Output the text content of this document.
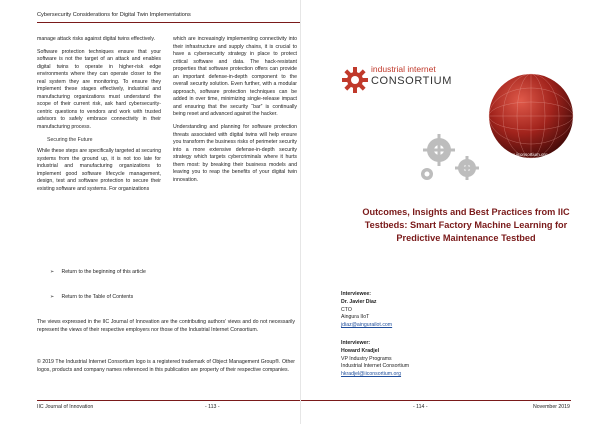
Cybersecurity Considerations for Digital Twin Implementations

manage attack risks against digital twins effectively.

Software protection techniques ensure that your software is not the target of an attack and enables digital twins to operate in higher-risk edge environments where they can operate closer to the real system they are monitoring. To ensure they implement these stages effectively, industrial and manufacturing organizations must understand the scope of their current risk, ask hard cybersecurity-centric questions to vendors and work with trusted advisors to safely embrace connectivity in their manufacturing process.

Securing the Future

While these steps are specifically targeted at securing systems from the ground up, it is not too late for industrial and manufacturing organizations to implement good software lifecycle management, design, test and software protection to secure their existing software and systems. For organizations

which are increasingly implementing connectivity into their infrastructure and supply chains, it is crucial to have a cybersecurity strategy in place to protect critical software and data. The hack-resistant properties that software protection offers can provide an important defense-in-depth component to the overall security solution. Even further, with a modular approach, software protection techniques can be added in over time, minimizing single-release impact and ensuring that the security “bar” is continually being reset and advanced against the hacker.

Understanding and planning for software protection threats associated with digital twins will help ensure you transform the business risks of perimeter security into a more extensive defense-in-depth security strategy which targets cybercriminals where it hurts them most: by breaking their business models and leaving you to reap the benefits of your digital twin innovation.

➢ Return to the beginning of this article
➢ Return to the Table of Contents
The views expressed in the IIC Journal of Innovation are the contributing authors’ views and do not necessarily represent the views of their respective employers nor those of the Industrial Internet Consortium.
© 2019 The Industrial Internet Consortium logo is a registered trademark of Object Management Group®. Other logos, products and company names referenced in this publication are property of their respective companies.
IIC Journal of Innovation	- 113 -
industrial internet
CONSORTIUM
www.iiconsortium.org
Outcomes, Insights and Best Practices from IIC Testbeds: Smart Factory Machine Learning for Predictive Maintenance Testbed
Interviewee:
Dr. Javier Diaz
CTO
Aingura IIoT
jdiaz@aingurailot.com
Interviewer:
Howard Kradjel
VP Industry Programs
Industrial Internet Consortium
hkradjel@iiconsortium.org
- 114 -	November 2019
